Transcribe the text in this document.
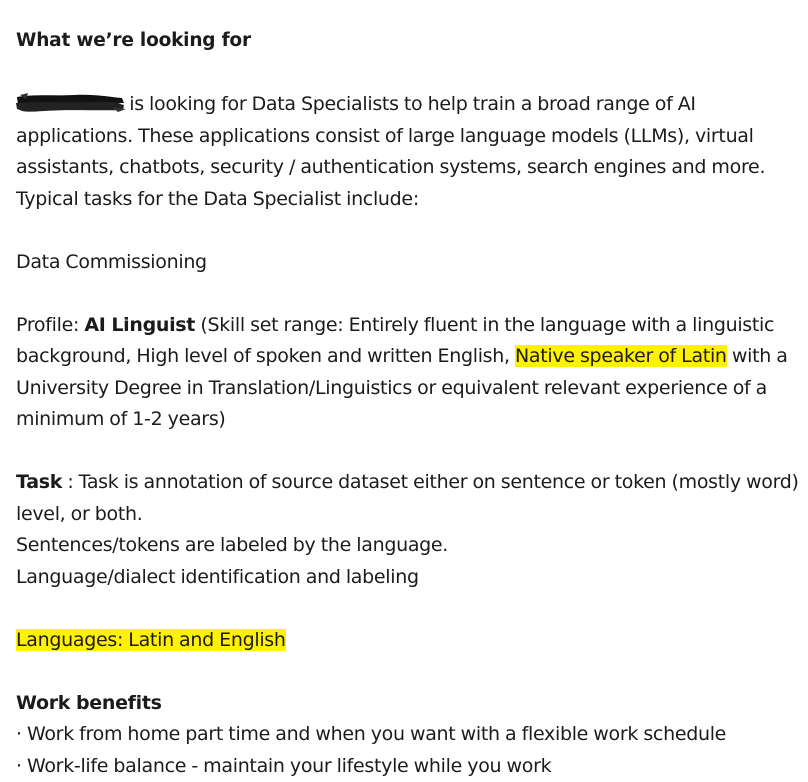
What we’re looking for
is looking for Data Specialists to help train a broad range of AI
applications. These applications consist of large language models (LLMs), virtual
assistants, chatbots, security / authentication systems, search engines and more.
Typical tasks for the Data Specialist include:
Data Commissioning
Profile: AI Linguist (Skill set range: Entirely fluent in the language with a linguistic
background, High level of spoken and written English, Native speaker of Latin with a
University Degree in Translation/Linguistics or equivalent relevant experience of a
minimum of 1-2 years)
Task : Task is annotation of source dataset either on sentence or token (mostly word)
level, or both.
Sentences/tokens are labeled by the language.
Language/dialect identification and labeling
Languages: Latin and English
Work benefits
· Work from home part time and when you want with a flexible work schedule
· Work-life balance - maintain your lifestyle while you work
